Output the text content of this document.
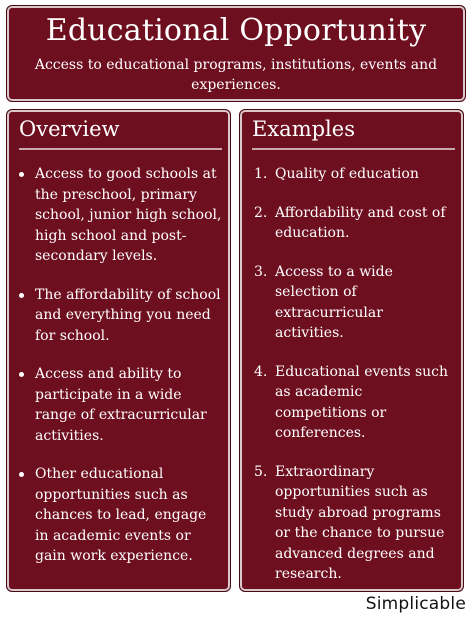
Educational Opportunity

Access to educational programs, institutions, events and experiences.

Overview
Access to good schools at the preschool, primary school, junior high school, high school and post-secondary levels.
The affordability of school and everything you need for school.
Access and ability to participate in a wide range of extracurricular activities.
Other educational opportunities such as chances to lead, engage in academic events or gain work experience.
Examples
1. Quality of education
2. Affordability and cost of education.
3. Access to a wide selection of extracurricular activities.
4. Educational events such as academic competitions or conferences.
5. Extraordinary opportunities such as study abroad programs or the chance to pursue advanced degrees and research.
Simplicable
